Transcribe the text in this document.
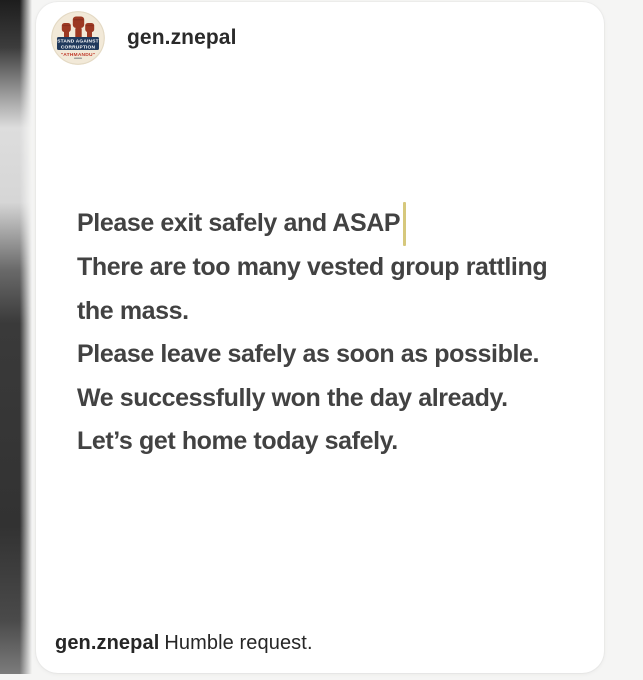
STAND AGAINST
CORRUPTION
"ATHMANDU"
gen.znepal
Please exit safely and ASAP
There are too many vested group rattling
the mass.
Please leave safely as soon as possible.
We successfully won the day already.
Let’s get home today safely.
gen.znepal Humble request.
